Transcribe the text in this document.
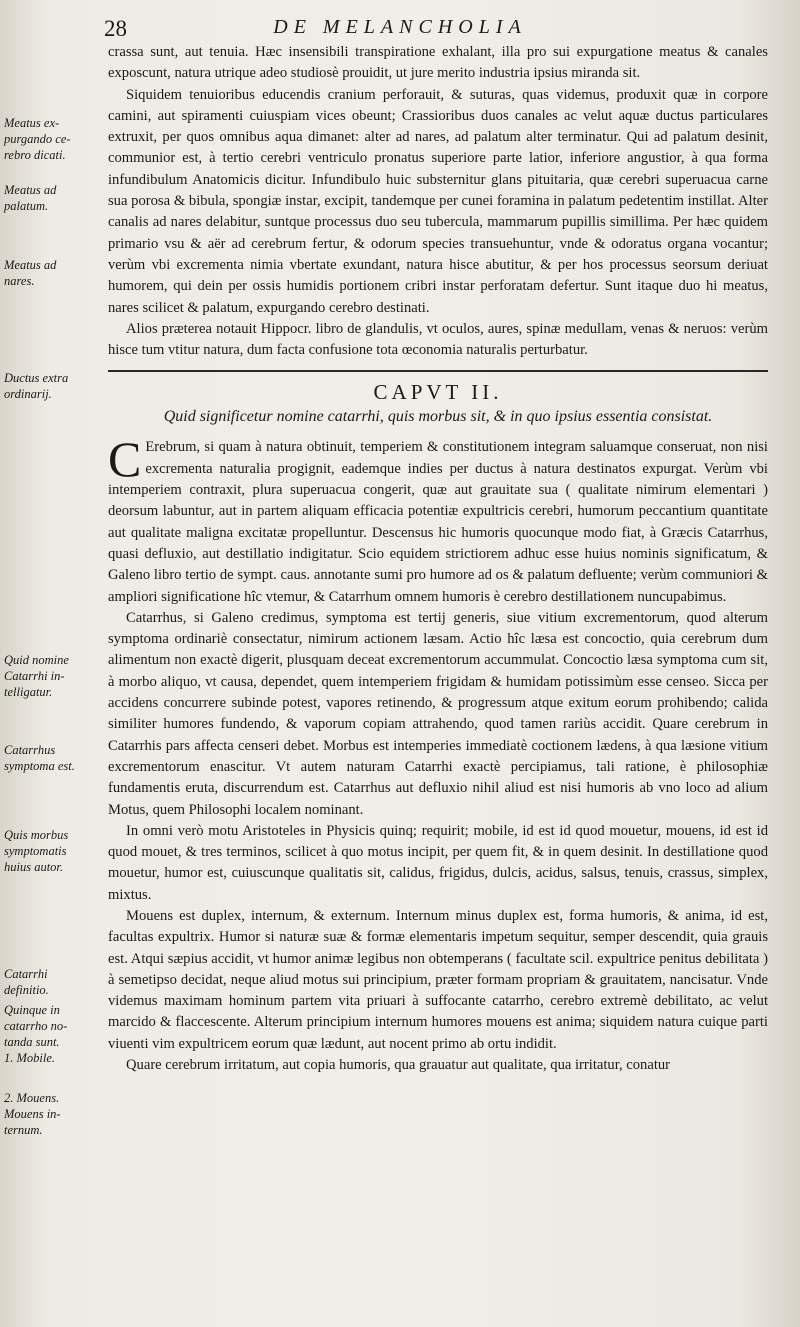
28	DE MELANCHOLIA
Meatus ex-
purgando ce-
rebro dicati.
Meatus ad
palatum.
Meatus ad
nares.
Ductus extra
ordinarij.
Quid nomine
Catarrhi in-
telligatur.
Catarrhus
symptoma est.
Quis morbus
symptomatis
huius autor.
Catarrhi
definitio.
Quinque in
catarrho no-
tanda sunt.
1. Mobile.
2. Mouens.
Mouens in-
ternum.

crassa sunt, aut tenuia. Hæc insensibili transpiratione exhalant, illa pro sui expurgatione meatus & canales exposcunt, natura utrique adeo studiosè prouidit, ut jure merito industria ipsius miranda sit.

Siquidem tenuioribus educendis cranium perforauit, & suturas, quas videmus, produxit quæ in corpore camini, aut spiramenti cuiuspiam vices obeunt; Crassioribus duos canales ac velut aquæ ductus particulares extruxit, per quos omnibus aqua dimanet: alter ad nares, ad palatum alter terminatur. Qui ad palatum desinit, communior est, à tertio cerebri ventriculo pronatus superiore parte latior, inferiore angustior, à qua forma infundibulum Anatomicis dicitur. Infundibulo huic substernitur glans pituitaria, quæ cerebri superuacua carne sua porosa & bibula, spongiæ instar, excipit, tandemque per cunei foramina in palatum pedetentim instillat. Alter canalis ad nares delabitur, suntque processus duo seu tubercula, mammarum pupillis simillima. Per hæc quidem primario vsu & aër ad cerebrum fertur, & odorum species transuehuntur, vnde & odoratus organa vocantur; verùm vbi excrementa nimia vbertate exundant, natura hisce abutitur, & per hos processus seorsum deriuat humorem, qui dein per ossis humidis portionem cribri instar perforatam defertur. Sunt itaque duo hi meatus, nares scilicet & palatum, expurgando cerebro destinati.

Alios præterea notauit Hippocr. libro de glandulis, vt oculos, aures, spinæ medullam, venas & neruos: verùm hisce tum vtitur natura, dum facta confusione tota œconomia naturalis perturbatur.

CAPVT II.
Quid significetur nomine catarrhi, quis morbus sit, & in quo ipsius essentia consistat.

C Erebrum, si quam à natura obtinuit, temperiem & constitutionem integram saluamque conseruat, non nisi excrementa naturalia progignit, eademque indies per ductus à natura destinatos expurgat. Verùm vbi intemperiem contraxit, plura superuacua congerit, quæ aut grauitate sua ( qualitate nimirum elementari ) deorsum labuntur, aut in partem aliquam efficacia potentiæ expultricis cerebri, humorum peccantium quantitate aut qualitate maligna excitatæ propelluntur. Descensus hic humoris quocunque modo fiat, à Græcis Catarrhus, quasi defluxio, aut destillatio indigitatur. Scio equidem strictiorem adhuc esse huius nominis significatum, & Galeno libro tertio de sympt. caus. annotante sumi pro humore ad os & palatum defluente; verùm communiori & ampliori significatione hîc vtemur, & Catarrhum omnem humoris è cerebro destillationem nuncupabimus.

Catarrhus, si Galeno credimus, symptoma est tertij generis, siue vitium excrementorum, quod alterum symptoma ordinariè consectatur, nimirum actionem læsam. Actio hîc læsa est concoctio, quia cerebrum dum alimentum non exactè digerit, plusquam deceat excrementorum accummulat. Concoctio læsa symptoma cum sit, à morbo aliquo, vt causa, dependet, quem intemperiem frigidam & humidam potissimùm esse censeo. Sicca per accidens concurrere subinde potest, vapores retinendo, & progressum atque exitum eorum prohibendo; calida similiter humores fundendo, & vaporum copiam attrahendo, quod tamen rariùs accidit. Quare cerebrum in Catarrhis pars affecta censeri debet. Morbus est intemperies immediatè coctionem lædens, à qua læsione vitium excrementorum enascitur. Vt autem naturam Catarrhi exactè percipiamus, tali ratione, è philosophiæ fundamentis eruta, discurrendum est. Catarrhus aut defluxio nihil aliud est nisi humoris ab vno loco ad alium Motus, quem Philosophi localem nominant.

In omni verò motu Aristoteles in Physicis quinq; requirit; mobile, id est id quod mouetur, mouens, id est id quod mouet, & tres terminos, scilicet à quo motus incipit, per quem fit, & in quem desinit. In destillatione quod mouetur, humor est, cuiuscunque qualitatis sit, calidus, frigidus, dulcis, acidus, salsus, tenuis, crassus, simplex, mixtus.

Mouens est duplex, internum, & externum. Internum minus duplex est, forma humoris, & anima, id est, facultas expultrix. Humor si naturæ suæ & formæ elementaris impetum sequitur, semper descendit, quia grauis est. Atqui sæpius accidit, vt humor animæ legibus non obtemperans ( facultate scil. expultrice penitus debilitata ) à semetipso decidat, neque aliud motus sui principium, præter formam propriam & grauitatem, nancisatur. Vnde videmus maximam hominum partem vita priuari à suffocante catarrho, cerebro extremè debilitato, ac velut marcido & flaccescente. Alterum principium internum humores mouens est anima; siquidem natura cuique parti viuenti vim expultricem eorum quæ lædunt, aut nocent primo ab ortu indidit.

Quare cerebrum irritatum, aut copia humoris, qua grauatur aut qualitate, qua irritatur, conatur
